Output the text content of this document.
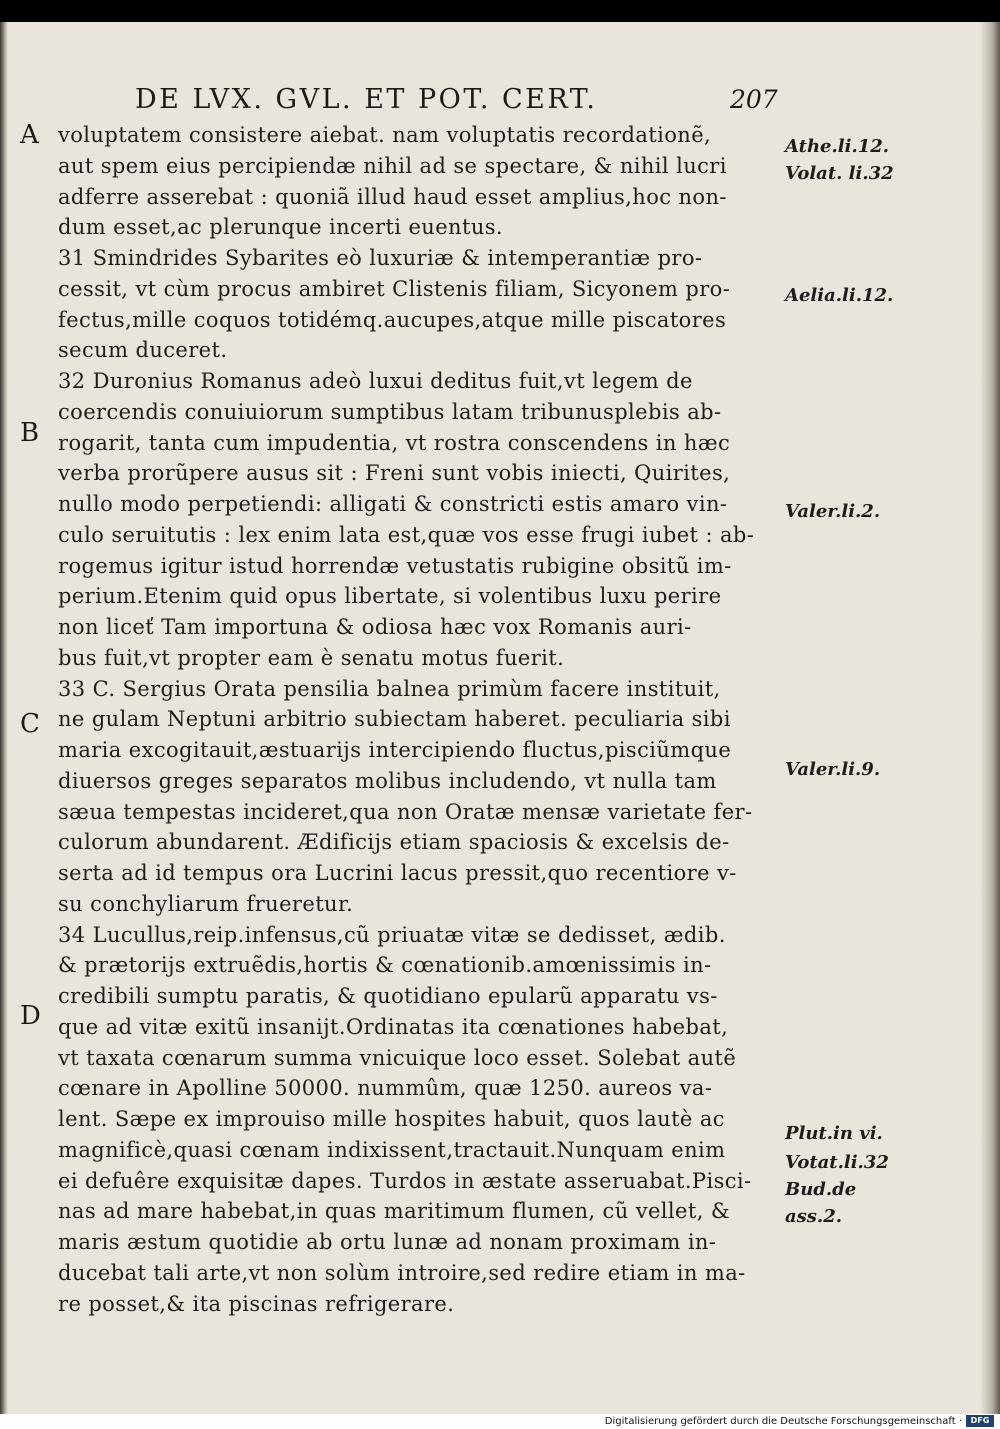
DE LVX. GVL. ET POT. CERT.	207
A
B
C
D
voluptatem consistere aiebat. nam voluptatis recordationẽ,
aut spem eius percipiendæ nihil ad se spectare, & nihil lucri
adferre asserebat : quoniã illud haud esset amplius,hoc non-
dum esset,ac plerunque incerti euentus.
31 Smindrides Sybarites eò luxuriæ & intemperantiæ pro-
cessit, vt cùm procus ambiret Clistenis filiam, Sicyonem pro-
fectus,mille coquos totidémq.aucupes,atque mille piscatores
secum duceret.
32 Duronius Romanus adeò luxui deditus fuit,vt legem de
coercendis conuiuiorum sumptibus latam tribunusplebis ab-
rogarit, tanta cum impudentia, vt rostra conscendens in hæc
verba prorũpere ausus sit : Freni sunt vobis iniecti, Quirites,
nullo modo perpetiendi: alligati & constricti estis amaro vin-
culo seruitutis : lex enim lata est,quæ vos esse frugi iubet : ab-
rogemus igitur istud horrendæ vetustatis rubigine obsitũ im-
perium.Etenim quid opus libertate, si volentibus luxu perire
non liceť Tam importuna & odiosa hæc vox Romanis auri-
bus fuit,vt propter eam è senatu motus fuerit.
33 C. Sergius Orata pensilia balnea primùm facere instituit,
ne gulam Neptuni arbitrio subiectam haberet. peculiaria sibi
maria excogitauit,æstuarijs intercipiendo fluctus,pisciũmque
diuersos greges separatos molibus includendo, vt nulla tam
sæua tempestas incideret,qua non Oratæ mensæ varietate fer-
culorum abundarent. Ædificijs etiam spaciosis & excelsis de-
serta ad id tempus ora Lucrini lacus pressit,quo recentiore v-
su conchyliarum frueretur.
34 Lucullus,reip.infensus,cũ priuatæ vitæ se dedisset, ædib.
& prætorijs extruẽdis,hortis & cœnationib.amœnissimis in-
credibili sumptu paratis, & quotidiano epularũ apparatu vs-
que ad vitæ exitũ insanijt.Ordinatas ita cœnationes habebat,
vt taxata cœnarum summa vnicuique loco esset. Solebat autẽ
cœnare in Apolline 50000. nummûm, quæ 1250. aureos va-
lent. Sæpe ex improuiso mille hospites habuit, quos lautè ac
magnificè,quasi cœnam indixissent,tractauit.Nunquam enim
ei defuêre exquisitæ dapes. Turdos in æstate asseruabat.Pisci-
nas ad mare habebat,in quas maritimum flumen, cũ vellet, &
maris æstum quotidie ab ortu lunæ ad nonam proximam in-
ducebat tali arte,vt non solùm introire,sed redire etiam in ma-
re posset,& ita piscinas refrigerare.
Athe.li.12.
Volat. li.32
Aelia.li.12.
Valer.li.2.
Valer.li.9.
Plut.in vi.
Votat.li.32
Bud.de
ass.2.
Digitalisierung gefördert durch die Deutsche Forschungsgemeinschaft ·	DFG
